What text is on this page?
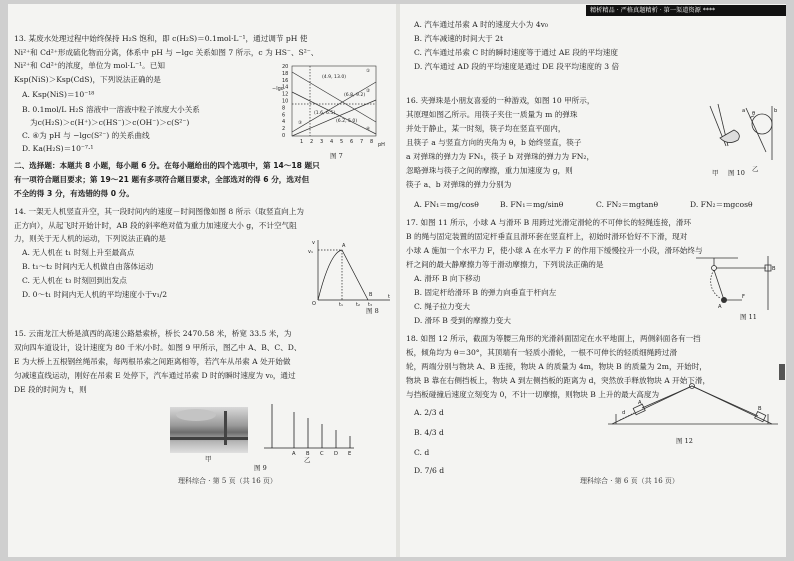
13. 某废水处理过程中始终保持 H₂S 饱和，即 c(H₂S)＝0.1mol·L⁻¹，通过调节 pH 使
Ni²⁺和 Cd²⁺形成硫化物而分离，体系中 pH 与 −lgc 关系如图 7 所示，c 为 HS⁻、S²⁻、
Ni²⁺和 Cd²⁺的浓度，单位为 mol·L⁻¹。已知
Ksp(NiS)＞Ksp(CdS)，下列说法正确的是
A. Ksp(NiS)＝10⁻¹⁸
B. 0.1mol/L H₂S 溶液中一溶液中粒子浓度大小关系
为c(H₂S)＞c(H⁺)＞c(HS⁻)＞c(OH⁻)＞c(S²⁻)
C. ④为 pH 与 −lgc(S²⁻) 的关系曲线
D. Ka(H₂S)＝10⁻⁷·¹
二、选择题：本题共 8 小题，每小题 6 分。在每小题给出的四个选项中，第 14～18 题只
有一项符合题目要求；第 19～21 题有多项符合题目要求，全部选对的得 6 分，选对但
不全的得 3 分，有选错的得 0 分。
14. 一架无人机竖直升空，其一段时间内的速度－时间图像如图 8 所示（取竖直向上为
正方向），从起飞时开始计时，AB 段的斜率绝对值为重力加速度大小 g，不计空气阻
力，则关于无人机的运动，下列说法正确的是
A. 无人机在 t₁ 时刻上升至最高点
B. t₁～t₂ 时间内无人机做自由落体运动
C. 无人机在 t₃ 时刻回到出发点
D. 0～t₁ 时间内无人机的平均速度小于v₁/2
15. 云南龙江大桥是滇西的高速公路悬索桥，桥长 2470.58 米，桥宽 33.5 米，为
双向四车道设计，设计速度为 80 千米/小时。如图 9 甲所示，图乙中 A、B、C、D、
E 为大桥上五根钢丝绳吊索，每两根吊索之间距离相等，若汽车从吊索 A 处开始做
匀减速直线运动，刚好在吊索 E 处停下，汽车通过吊索 D 时的瞬时速度为 v₀，通过
DE 段的时间为 t，则
−lgc
pH
20
18
16
14
12
10
8
6
4
2
0
1 2 3 4 5 6 7 8
(4.9, 13.0)
(6.8, 9.2)
(1.6, 6.5)
(6.2, 5.0)
①
②
③
④
图 7
v
t
O
A
B
v₁
t₁	t₂ t₃
图 8
A B C D E
甲	乙
图 9
理科综合 · 第 5 页（共 16 页）
精析精品 · 严格真题精析 · 第一渠道资源 ****
A. 汽车通过吊索 A 时的速度大小为 4v₀
B. 汽车减速的时间大于 2t
C. 汽车通过吊索 C 时的瞬时速度等于通过 AE 段的平均速度
D. 汽车通过 AD 段的平均速度是通过 DE 段平均速度的 3 倍
16. 夹弹珠是小朋友喜爱的一种游戏，如图 10 甲所示，
其原理如图乙所示。用筷子夹住一质量为 m 的弹珠
并处于静止，某一时刻，筷子均在竖直平面内，
且筷子 a 与竖直方向的夹角为 θ，b 始终竖直，筷子
a 对弹珠的弹力为 FN₁，筷子 b 对弹珠的弹力为 FN₂，
忽略弹珠与筷子之间的摩擦，重力加速度为 g，则
筷子 a、b 对弹珠的弹力分别为
A. FN₁＝mg/cosθ	B. FN₁＝mg/sinθ	C. FN₂＝mgtanθ	D. FN₂＝mgcosθ
17. 如图 11 所示，小球 A 与滑环 B 用跨过光滑定滑轮的不可伸长的轻绳连接，滑环
B 的绳与固定装置的固定杆垂直且滑环套在竖直杆上，初始时滑环恰好不下滑，现对
小球 A 施加一个水平力 F，使小球 A 在水平力 F 的作用下缓慢拉升一小段，滑环始终与
杆之间的最大静摩擦力等于滑动摩擦力，下列说法正确的是
A. 滑环 B 向下移动
B. 固定杆给滑环 B 的弹力向垂直于杆向左
C. 绳子拉力变大
D. 滑环 B 受到的摩擦力变大
18. 如图 12 所示，截面为等腰三角形的光滑斜面固定在水平地面上，两侧斜面各有一挡
板，倾角均为 θ＝30°，其顶端有一轻质小滑轮，一根不可伸长的轻质细绳跨过滑
轮，两端分别与物块 A、B 连接，物块 A 的质量为 4m，物块 B 的质量为 2m，开始时，
物块 B 靠在右侧挡板上，物块 A 到左侧挡板的距离为 d，突然放手释放物块 A 开始下滑，
与挡板碰撞后速度立刻变为 0，不计一切摩擦，则物块 B 上升的最大高度为
A. 2/3 d
B. 4/3 d
C. d
D. 7/6 d
a	b
θ
甲	乙
图 10
A
B
F
图 11
A
B
d
图 12
理科综合 · 第 6 页（共 16 页）
